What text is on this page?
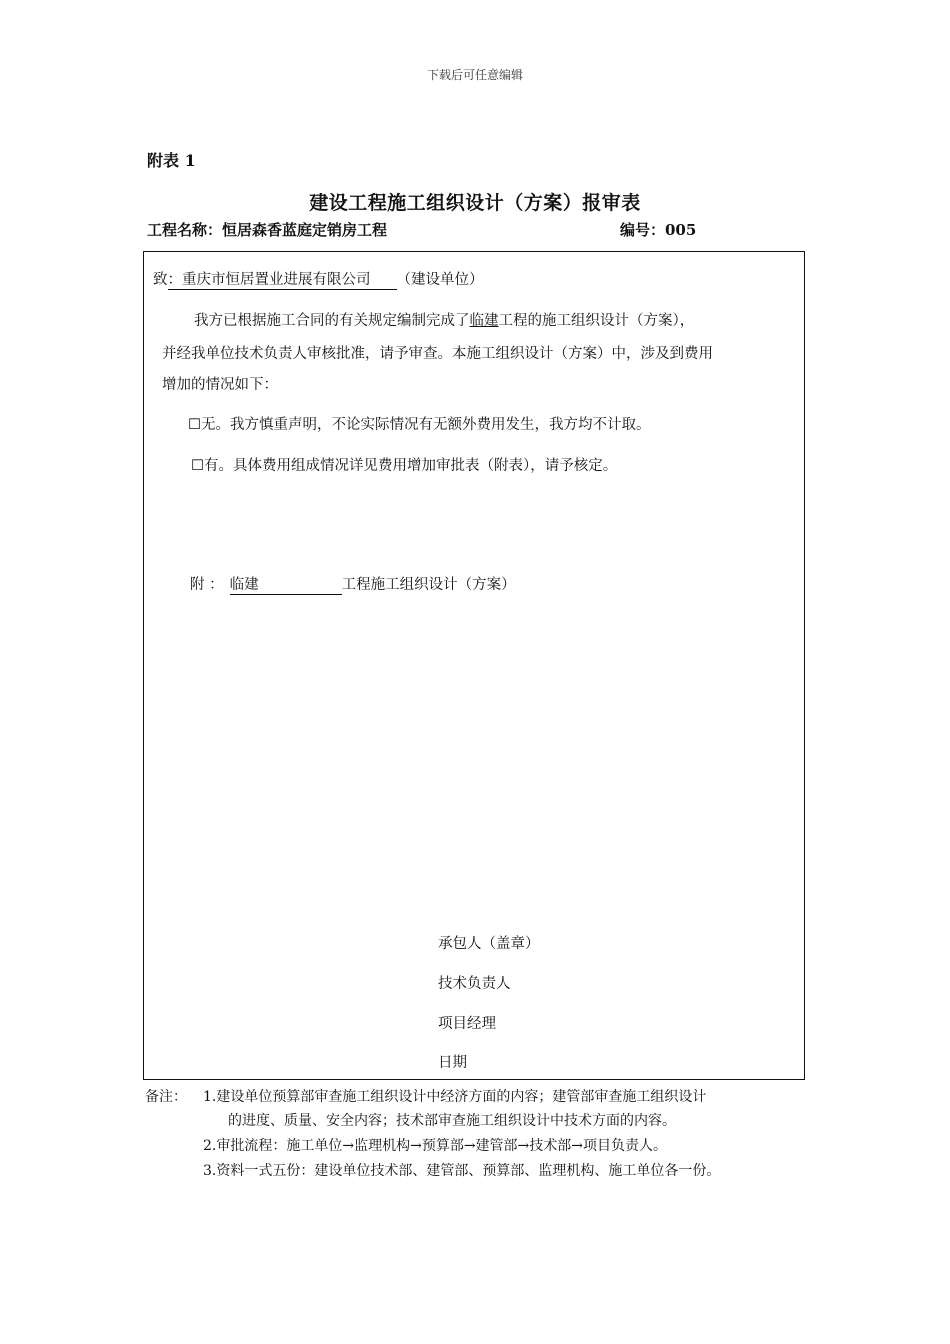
下载后可任意编辑
附表 1
建设工程施工组织设计（方案）报审表
工程名称：恒居森香蓝庭定销房工程	编号：005
致：重庆市恒居置业进展有限公司 （建设单位）
我方已根据施工合同的有关规定编制完成了临建工程的施工组织设计（方案），
并经我单位技术负责人审核批准，请予审查。本施工组织设计（方案）中，涉及到费用
增加的情况如下：
☐无。我方慎重声明，不论实际情况有无额外费用发生，我方均不计取。
☐有。具体费用组成情况详见费用增加审批表（附表），请予核定。
附 ： 临建	工程施工组织设计（方案）
承包人（盖章）
技术负责人
项目经理
日期
备注： 1.建设单位预算部审查施工组织设计中经济方面的内容；建管部审查施工组织设计
的进度、质量、安全内容；技术部审查施工组织设计中技术方面的内容。
2.审批流程：施工单位→监理机构→预算部→建管部→技术部→项目负责人。
3.资料一式五份：建设单位技术部、建管部、预算部、监理机构、施工单位各一份。
